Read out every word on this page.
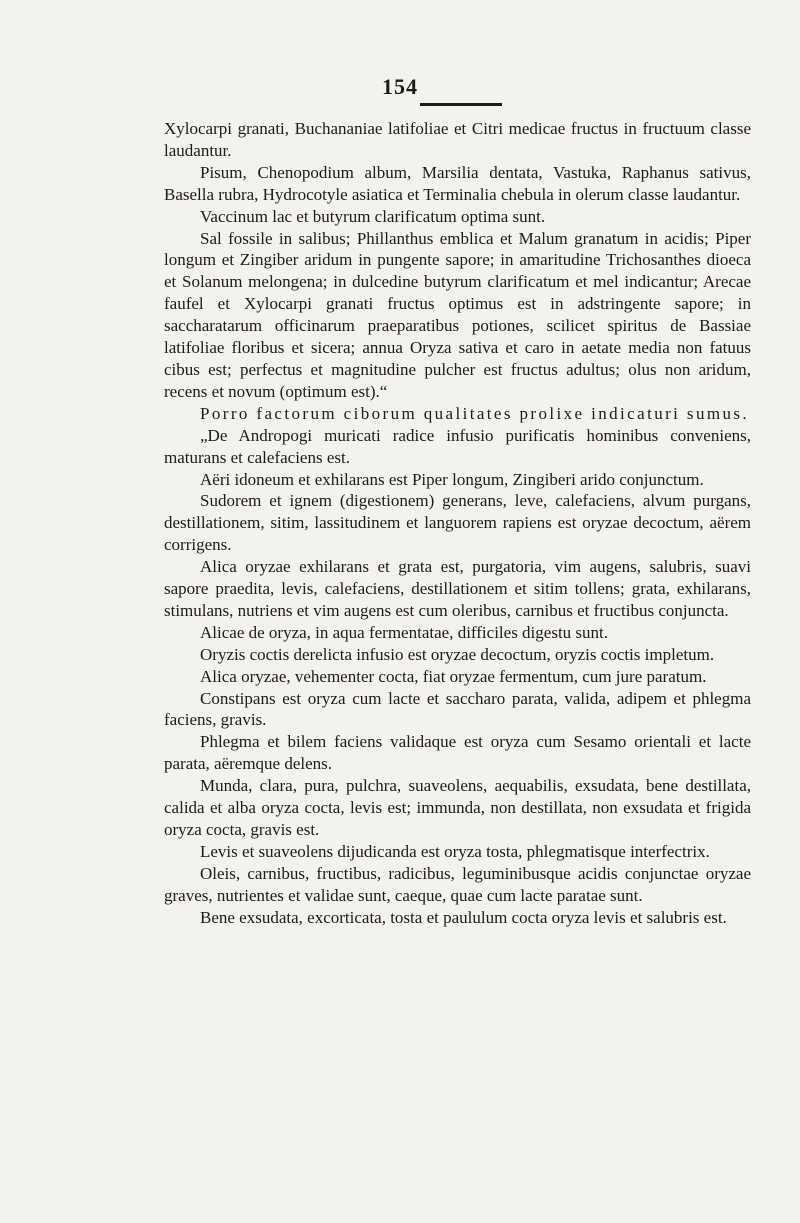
154

Xylocarpi granati, Buchananiae latifoliae et Citri medicae fructus in fructuum classe laudantur.

Pisum, Chenopodium album, Marsilia dentata, Vastuka, Raphanus sativus, Basella rubra, Hydrocotyle asiatica et Terminalia chebula in olerum classe laudantur.

Vaccinum lac et butyrum clarificatum optima sunt.

Sal fossile in salibus; Phillanthus emblica et Malum granatum in acidis; Piper longum et Zingiber aridum in pungente sapore; in amaritudine Trichosanthes dioeca et Solanum melongena; in dulcedine butyrum clarificatum et mel indicantur; Arecae faufel et Xylocarpi granati fructus optimus est in adstringente sapore; in saccharatarum officinarum praeparatibus potiones, scilicet spiritus de Bassiae latifoliae floribus et sicera; annua Oryza sativa et caro in aetate media non fatuus cibus est; perfectus et magnitudine pulcher est fructus adultus; olus non aridum, recens et novum (optimum est).“

Porro factorum ciborum qualitates prolixe indicaturi sumus.

„De Andropogi muricati radice infusio purificatis hominibus conveniens, maturans et calefaciens est.

Aëri idoneum et exhilarans est Piper longum, Zingiberi arido conjunctum.

Sudorem et ignem (digestionem) generans, leve, calefaciens, alvum purgans, destillationem, sitim, lassitudinem et languorem rapiens est oryzae decoctum, aërem corrigens.

Alica oryzae exhilarans et grata est, purgatoria, vim augens, salubris, suavi sapore praedita, levis, calefaciens, destillationem et sitim tollens; grata, exhilarans, stimulans, nutriens et vim augens est cum oleribus, carnibus et fructibus conjuncta.

Alicae de oryza, in aqua fermentatae, difficiles digestu sunt.

Oryzis coctis derelicta infusio est oryzae decoctum, oryzis coctis impletum.

Alica oryzae, vehementer cocta, fiat oryzae fermentum, cum jure paratum.

Constipans est oryza cum lacte et saccharo parata, valida, adipem et phlegma faciens, gravis.

Phlegma et bilem faciens validaque est oryza cum Sesamo orientali et lacte parata, aëremque delens.

Munda, clara, pura, pulchra, suaveolens, aequabilis, exsudata, bene destillata, calida et alba oryza cocta, levis est; immunda, non destillata, non exsudata et frigida oryza cocta, gravis est.

Levis et suaveolens dijudicanda est oryza tosta, phlegmatisque interfectrix.

Oleis, carnibus, fructibus, radicibus, leguminibusque acidis conjunctae oryzae graves, nutrientes et validae sunt, caeque, quae cum lacte paratae sunt.

Bene exsudata, excorticata, tosta et paululum cocta oryza levis et salubris est.
